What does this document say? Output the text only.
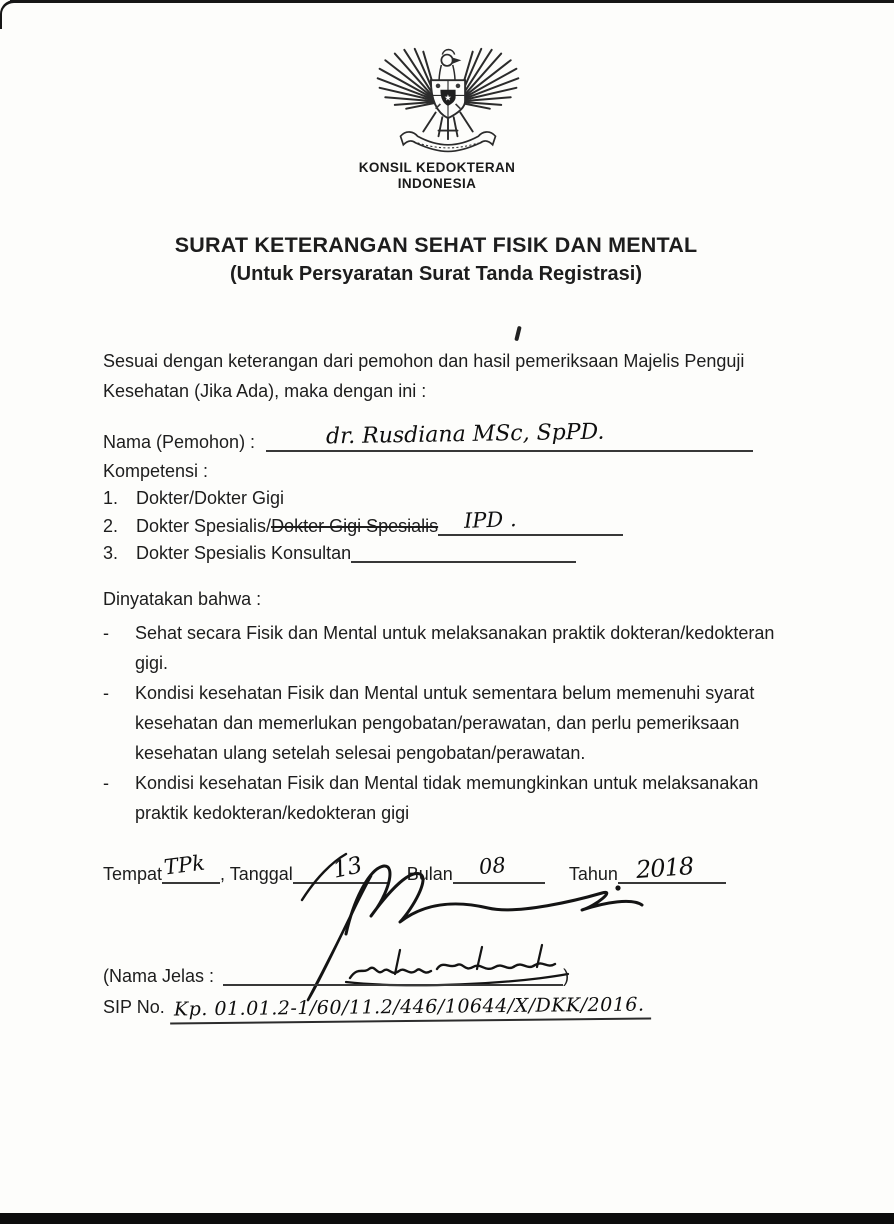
★
KONSIL KEDOKTERAN
INDONESIA
SURAT KETERANGAN SEHAT FISIK DAN MENTAL
(Untuk Persyaratan Surat Tanda Registrasi)
Sesuai dengan keterangan dari pemohon dan hasil pemeriksaan Majelis Penguji Kesehatan (Jika Ada), maka dengan ini :
Nama (Pemohon) :	dr. Rusdiana MSc, SpPD.
Kompetensi :
1. Dokter/Dokter Gigi
2. Dokter Spesialis/Dokter Gigi Spesialis IPD .
3. Dokter Spesialis Konsultan
Dinyatakan bahwa :
-	Sehat secara Fisik dan Mental untuk melaksanakan praktik dokteran/kedokteran gigi.
-	Kondisi kesehatan Fisik dan Mental untuk sementara belum memenuhi syarat kesehatan dan memerlukan pengobatan/perawatan, dan perlu pemeriksaan kesehatan ulang setelah selesai pengobatan/perawatan.
-	Kondisi kesehatan Fisik dan Mental tidak memungkinkan untuk melaksanakan praktik kedokteran/kedokteran gigi
Tempat TPk , Tanggal 13 Bulan 08	Tahun 2018
(Nama Jelas :	)
SIP No. Kp. 01.01.2-1/60/11.2/446/10644/X/DKK/2016.
